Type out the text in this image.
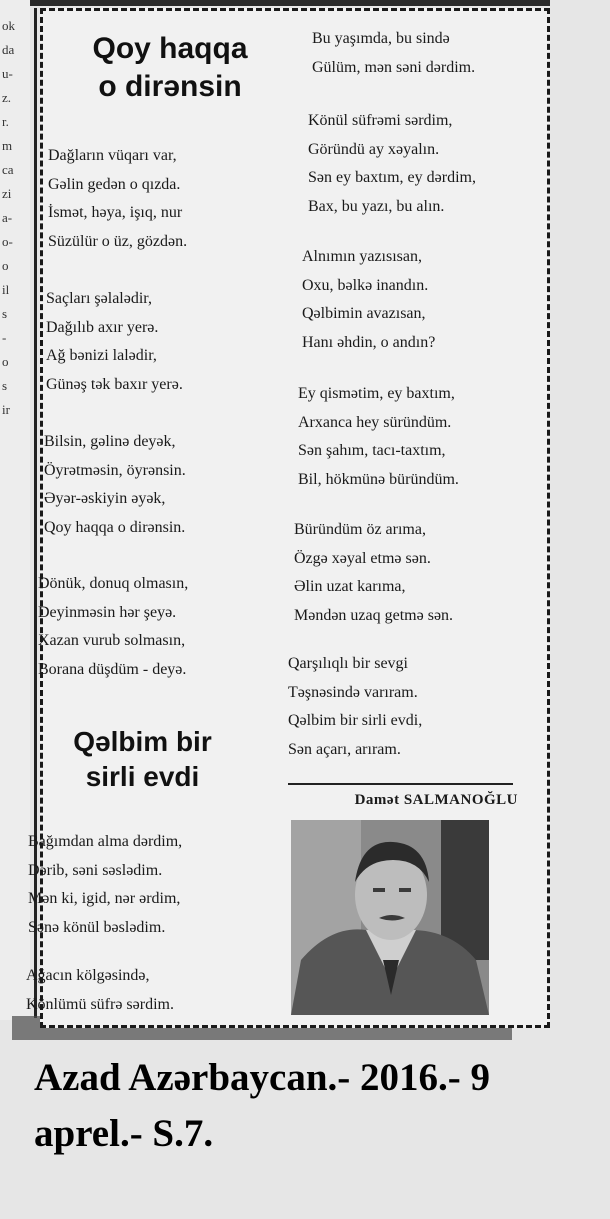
ok
da
u-
z.
r.
m
ca
zi
a-
o-
o
il
s
-
o
s
ir
Qoy haqqa
o dirənsin
Dağların vüqarı var,
Gəlin gedən o qızda.
İsmət, həya, işıq, nur
Süzülür o üz, gözdən.
Saçları şəlalədir,
Dağılıb axır yerə.
Ağ bənizi lalədir,
Günəş tək baxır yerə.
Bilsin, gəlinə deyək,
Öyrətməsin, öyrənsin.
Əyər-əskiyin əyək,
Qoy haqqa o dirənsin.
Dönük, donuq olmasın,
Deyinməsin hər şeyə.
Xazan vurub solmasın,
Borana düşdüm - deyə.
Qəlbim bir
sirli evdi
Bağımdan alma dərdim,
Dərib, səni səslədim.
Mən ki, igid, nər ərdim,
Sənə könül bəslədim.
Ağacın kölgəsində,
Könlümü süfrə sərdim.
Bu yaşımda, bu sində
Gülüm, mən səni dərdim.
Könül süfrəmi sərdim,
Göründü ay xəyalın.
Sən ey baxtım, ey dərdim,
Bax, bu yazı, bu alın.
Alnımın yazısısan,
Oxu, bəlkə inandın.
Qəlbimin avazısan,
Hanı əhdin, o andın?
Ey qismətim, ey baxtım,
Arxanca hey süründüm.
Sən şahım, tacı-taxtım,
Bil, hökmünə büründüm.
Büründüm öz arıma,
Özgə xəyal etmə sən.
Əlin uzat karıma,
Məndən uzaq getmə sən.
Qarşılıqlı bir sevgi
Təşnəsində varıram.
Qəlbim bir sirli evdi,
Sən açarı, arıram.
Damət SALMANOĞLU
Azad Azərbaycan.- 2016.- 9
aprel.- S.7.
